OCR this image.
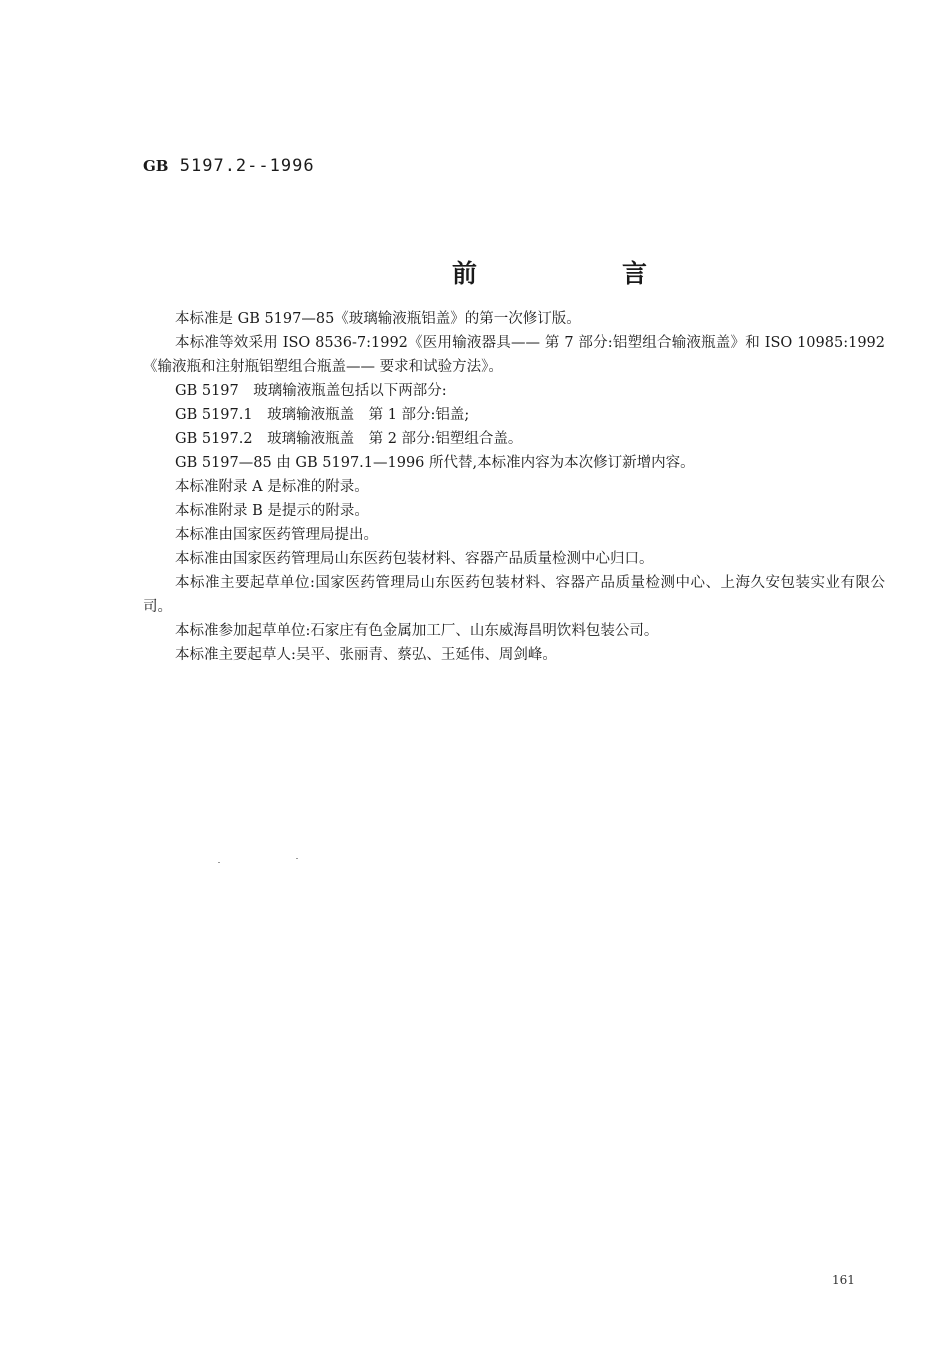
GB 5197.2--1996
前　言

本标准是 GB 5197—85《玻璃输液瓶铝盖》的第一次修订版。

本标准等效采用 ISO 8536-7:1992《医用输液器具—— 第 7 部分:铝塑组合输液瓶盖》和 ISO 10985:1992《输液瓶和注射瓶铝塑组合瓶盖—— 要求和试验方法》。

GB 5197　玻璃输液瓶盖包括以下两部分:

GB 5197.1　玻璃输液瓶盖　第 1 部分:铝盖;

GB 5197.2　玻璃输液瓶盖　第 2 部分:铝塑组合盖。

GB 5197—85 由 GB 5197.1—1996 所代替,本标准内容为本次修订新增内容。

本标准附录 A 是标准的附录。

本标准附录 B 是提示的附录。

本标准由国家医药管理局提出。

本标准由国家医药管理局山东医药包装材料、容器产品质量检测中心归口。

本标准主要起草单位:国家医药管理局山东医药包装材料、容器产品质量检测中心、上海久安包装实业有限公司。

本标准参加起草单位:石家庄有色金属加工厂、山东威海昌明饮料包装公司。

本标准主要起草人:吴平、张丽青、蔡弘、王延伟、周剑峰。

161
